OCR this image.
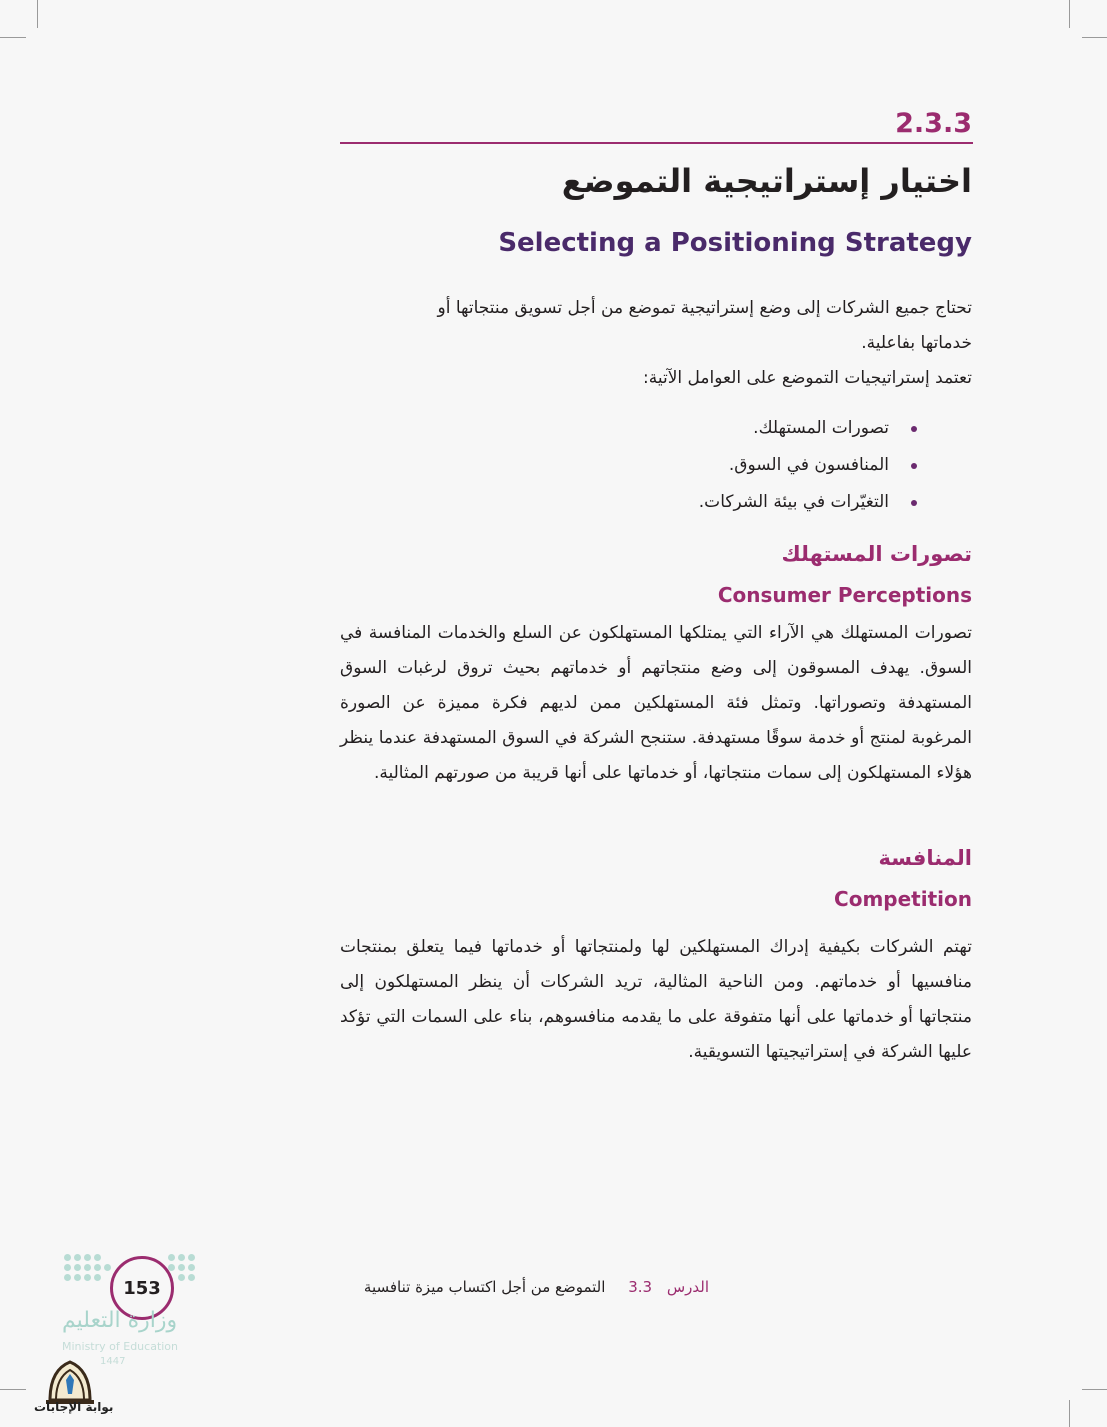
2.3.3
اختيار إستراتيجية التموضع
Selecting a Positioning Strategy
تحتاج جميع الشركات إلى وضع إستراتيجية تموضع من أجل تسويق منتجاتها أو
خدماتها بفاعلية.
تعتمد إستراتيجيات التموضع على العوامل الآتية:
تصورات المستهلك.
المنافسون في السوق.
التغيّرات في بيئة الشركات.
تصورات المستهلك
Consumer Perceptions
تصورات المستهلك هي الآراء التي يمتلكها المستهلكون عن السلع والخدمات المنافسة في السوق. يهدف المسوقون إلى وضع منتجاتهم أو خدماتهم بحيث تروق لرغبات السوق المستهدفة وتصوراتها. وتمثل فئة المستهلكين ممن لديهم فكرة مميزة عن الصورة المرغوبة لمنتج أو خدمة سوقًا مستهدفة. ستنجح الشركة في السوق المستهدفة عندما ينظر هؤلاء المستهلكون إلى سمات منتجاتها، أو خدماتها على أنها قريبة من صورتهم المثالية.
المنافسة
Competition
تهتم الشركات بكيفية إدراك المستهلكين لها ولمنتجاتها أو خدماتها فيما يتعلق بمنتجات منافسيها أو خدماتهم. ومن الناحية المثالية، تريد الشركات أن ينظر المستهلكون إلى منتجاتها أو خدماتها على أنها متفوقة على ما يقدمه منافسوهم، بناء على السمات التي تؤكد عليها الشركة في إستراتيجيتها التسويقية.
الدرس 3.3 التموضع من أجل اكتساب ميزة تنافسية
153
وزارة التعليم
Ministry of Education
1447
بوابة الإجابات
